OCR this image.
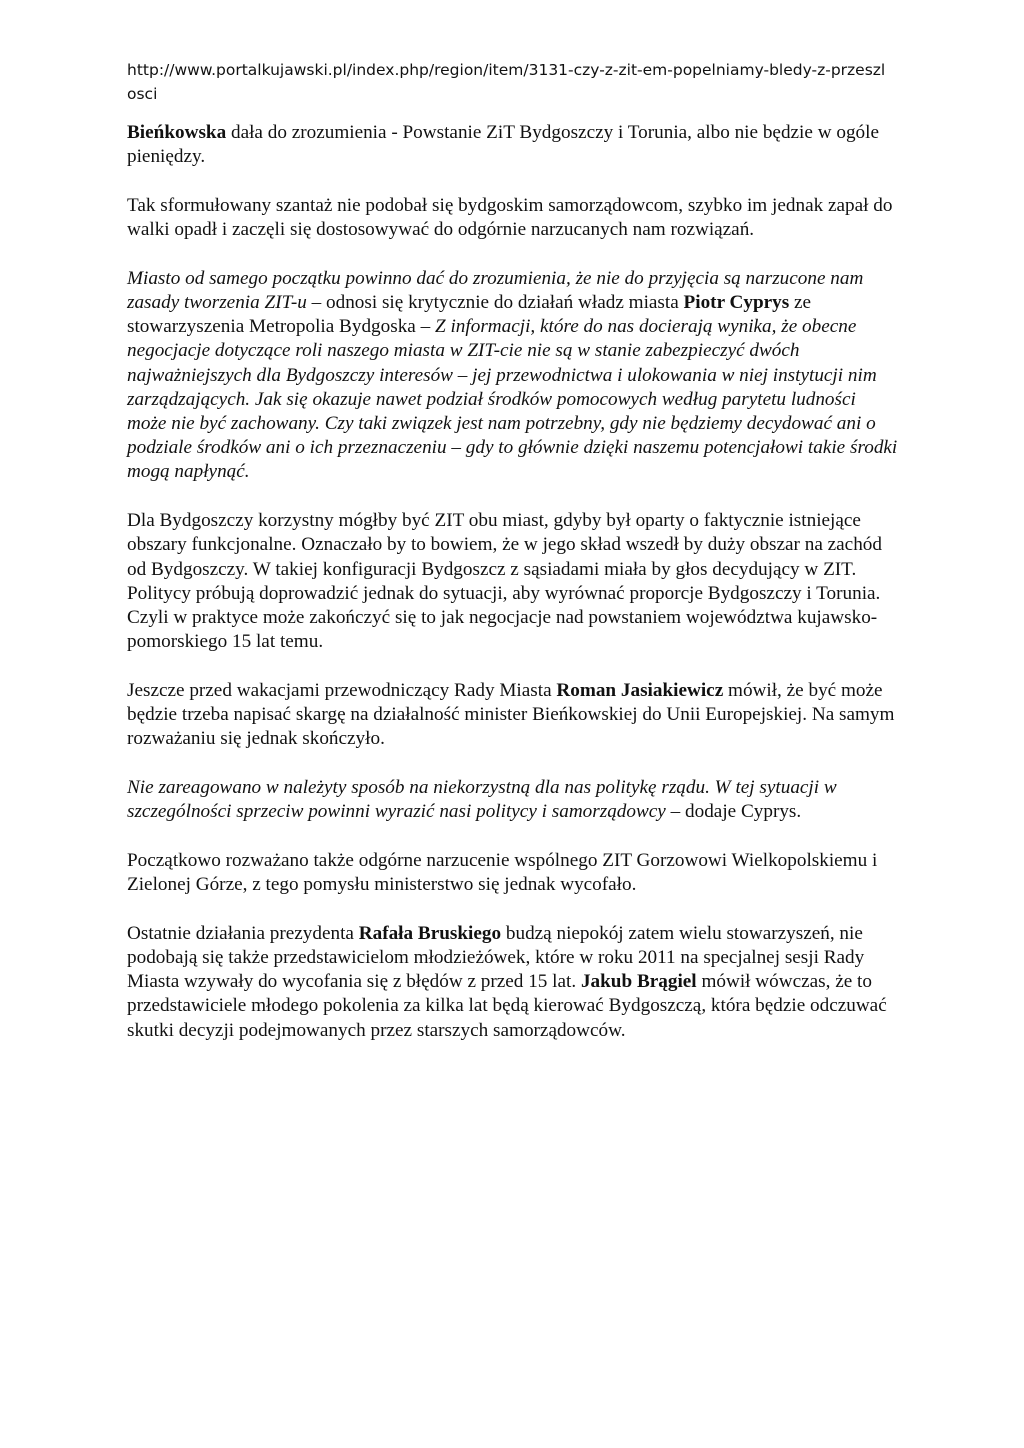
http://www.portalkujawski.pl/index.php/region/item/3131-czy-z-zit-em-popelniamy-bledy-z-przeszlosci

Bieńkowska dała do zrozumienia - Powstanie ZiT Bydgoszczy i Torunia, albo nie będzie w ogóle pieniędzy.

Tak sformułowany szantaż nie podobał się bydgoskim samorządowcom, szybko im jednak zapał do walki opadł i zaczęli się dostosowywać do odgórnie narzucanych nam rozwiązań.

Miasto od samego początku powinno dać do zrozumienia, że nie do przyjęcia są narzucone nam zasady tworzenia ZIT-u – odnosi się krytycznie do działań władz miasta Piotr Cyprys ze stowarzyszenia Metropolia Bydgoska – Z informacji, które do nas docierają wynika, że obecne negocjacje dotyczące roli naszego miasta w ZIT-cie nie są w stanie zabezpieczyć dwóch najważniejszych dla Bydgoszczy interesów – jej przewodnictwa i ulokowania w niej instytucji nim zarządzających. Jak się okazuje nawet podział środków pomocowych według parytetu ludności może nie być zachowany. Czy taki związek jest nam potrzebny, gdy nie będziemy decydować ani o podziale środków ani o ich przeznaczeniu – gdy to głównie dzięki naszemu potencjałowi takie środki mogą napłynąć.

Dla Bydgoszczy korzystny mógłby być ZIT obu miast, gdyby był oparty o faktycznie istniejące obszary funkcjonalne. Oznaczało by to bowiem, że w jego skład wszedł by duży obszar na zachód od Bydgoszczy. W takiej konfiguracji Bydgoszcz z sąsiadami miała by głos decydujący w ZIT. Politycy próbują doprowadzić jednak do sytuacji, aby wyrównać proporcje Bydgoszczy i Torunia. Czyli w praktyce może zakończyć się to jak negocjacje nad powstaniem województwa kujawsko-pomorskiego 15 lat temu.

Jeszcze przed wakacjami przewodniczący Rady Miasta Roman Jasiakiewicz mówił, że być może będzie trzeba napisać skargę na działalność minister Bieńkowskiej do Unii Europejskiej. Na samym rozważaniu się jednak skończyło.

Nie zareagowano w należyty sposób na niekorzystną dla nas politykę rządu. W tej sytuacji w szczególności sprzeciw powinni wyrazić nasi politycy i samorządowcy – dodaje Cyprys.

Początkowo rozważano także odgórne narzucenie wspólnego ZIT Gorzowowi Wielkopolskiemu i Zielonej Górze, z tego pomysłu ministerstwo się jednak wycofało.

Ostatnie działania prezydenta Rafała Bruskiego budzą niepokój zatem wielu stowarzyszeń, nie podobają się także przedstawicielom młodzieżówek, które w roku 2011 na specjalnej sesji Rady Miasta wzywały do wycofania się z błędów z przed 15 lat. Jakub Brągiel mówił wówczas, że to przedstawiciele młodego pokolenia za kilka lat będą kierować Bydgoszczą, która będzie odczuwać skutki decyzji podejmowanych przez starszych samorządowców.
